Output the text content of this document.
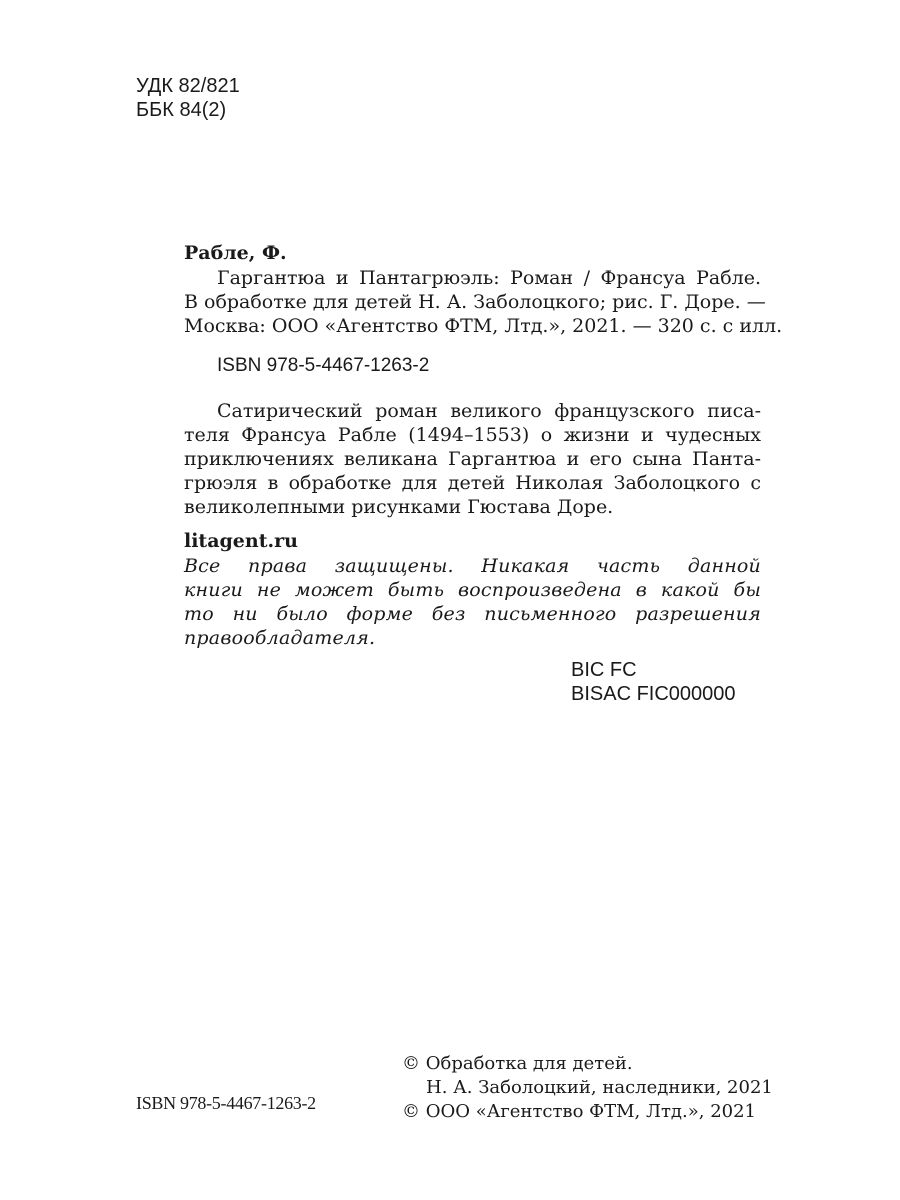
УДК 82/821
ББК 84(2)
Рабле, Ф.
Гаргантюа и Пантагрюэль: Роман / Франсуа Рабле.
В обработке для детей Н. А. Заболоцкого; рис. Г. Доре. —
Москва: ООО «Агентство ФТМ, Лтд.», 2021. — 320 с. с илл.
ISBN 978-5-4467-1263-2
Сатирический роман великого французского писа-
теля Франсуа Рабле (1494–1553) о жизни и чудесных
приключениях великана Гаргантюа и его сына Панта-
грюэля в обработке для детей Николая Заболоцкого с
великолепными рисунками Гюстава Доре.
litagent.ru
Все права защищены. Никакая часть данной
книги не может быть воспроизведена в какой бы
то ни было форме без письменного разрешения
правообладателя.
BIC FC
BISAC FIC000000
ISBN 978-5-4467-1263-2
© Обработка для детей.
Н. А. Заболоцкий, наследники, 2021
© ООО «Агентство ФТМ, Лтд.», 2021
